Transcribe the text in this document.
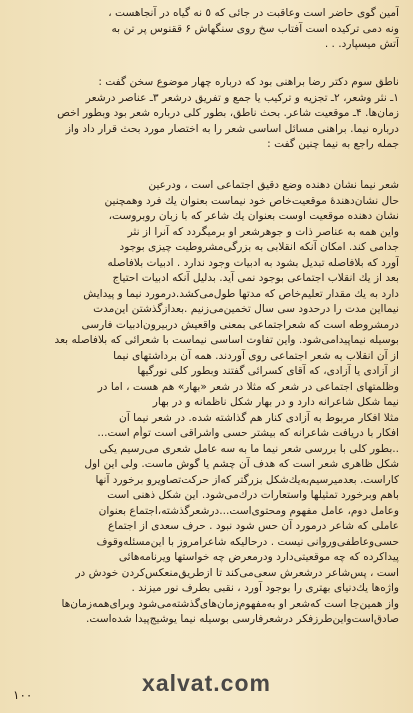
آمین گوی حاضر است وعاقبت در جائی که ٥ نه گیاه در آنجاهست ،
ونه دمی ترکیده است آفتاب سخ روی سنگهاش ۶ ققنوس پر تن به
آتش میسپارد. . .
ناطق سوم دکتر رضا براهنی بود که درباره چهار موضوع سخن گفت :
۱ـ نثر وشعر، ۲ـ تجزیه و ترکیب یا جمع و تفریق درشعر ۳ـ عناصر درشعر
زمان‌ها. ۴ـ موقعیت شاعر. بحث ناطق، بطور کلی درباره شعر بود وبطور اخص
درباره نیما. براهنی مسائل اساسی شعر را به اختصار مورد بحث قرار داد واز
جمله راجع به نیما چنین گفت :
شعر نیما نشان دهنده وضع دقیق اجتماعی است ، ودرعین
حال نشان‌دهندهٔ موقعیت‌خاص خود نیماست بعنوان یك فرد وهمچنین
نشان دهنده موقعیت اوست بعنوان یك شاعر که با زبان روبروست،
واین همه به عناصر ذات و جوهرشعر او برمیگردد که آنرا از نثر
جدامی کند. امکان آنکه انقلابی به بزرگی‌مشروطیت چیزی بوجود
آورد که بلافاصله تبدیل‌ بشود به ادبیات وجود ندارد . ادبیات بلافاصله
بعد از یك انقلاب اجتماعی بوجود نمی آید. بدلیل آنکه ادبیات احتیاج
دارد به یك مقدار تعلیم‌خاص که مدتها طول‌می‌کشد.درمورد نیما و پیدایش
نیمااین مدت را درحدود سی سال تخمین‌می‌زنیم .بعدازگذشتن این‌مدت
درمشروطه است که شعراجتماعی بمعنی واقعیش دربیرون‌ادبیات فارسی
بوسیله نیماپیدامی‌شود. واین تفاوت اساسی نیماست با شعرائی که بلافاصله بعد
از آن انقلاب به شعر اجتماعی روی آوردند. همه آن برداشتهای نیما
از آزادی یا آزادی، که آقای کسرائی گفتند وبطور کلی نورگیها
وظلمتهای اجتماعی در شعر که مثلا در شعر «بهار» هم هست ، اما در
نیما شکل شاعرانه دارد و در بهار شکل ناظمانه و در بهار
مثلا افکار مربوط به آزادی کنار هم گذاشته شده. در شعر نیما آن
افکار با دریافت شاعرانه که بیشتر حسی واشراقی است توأم است...
..بطور کلی با بررسی شعر نیما ما به سه عامل شعری می‌رسیم یکی
شکل ظاهری شعر است که هدف آن چشم یا گوش ماست. ولی این اول
کاراست. بعدمیرسیم‌به‌یك‌شکل بزرگتر که‌از حرکت‌تصاویرو برخورد آنها
باهم وبرخورد تمثیلها واستعارات درك‌می‌شود. این شکل ذهنی است
وعامل دوم، عامل مفهوم ومحتوی‌است...درشعرگذشته،اجتماع بعنوان
عاملی که شاعر درمورد آن حس شود نبود . حرف سعدی از اجتماع
حسی‌وعاطفی‌وروانی نیست . درحالیکه شاعرامروز‌ با این‌مسئله‌وقوف
پیداکرده که چه موقعیتی‌دارد ودرمعرض چه خواستها ویرنامه‌هائی
است ، پس‌شاعر درشعرش سعی‌می‌کند تا ازطریق‌منعکس‌کردن خودش در
واژه‌ها یك‌دنیای بهتری را بوجود آورد ، نقبی ‌بطرف نور میزند .
واز همین‌جا است که‌شعر او به‌مفهوم‌زمان‌های‌گذشته‌می‌شود وبرای‌همه‌زمان‌ها
صادق‌است‌واین‌طرز‌فکر درشعرفارسی بوسیله نیما یوشیج‌پیدا شده‌است.
xalvat.com
۱۰۰
